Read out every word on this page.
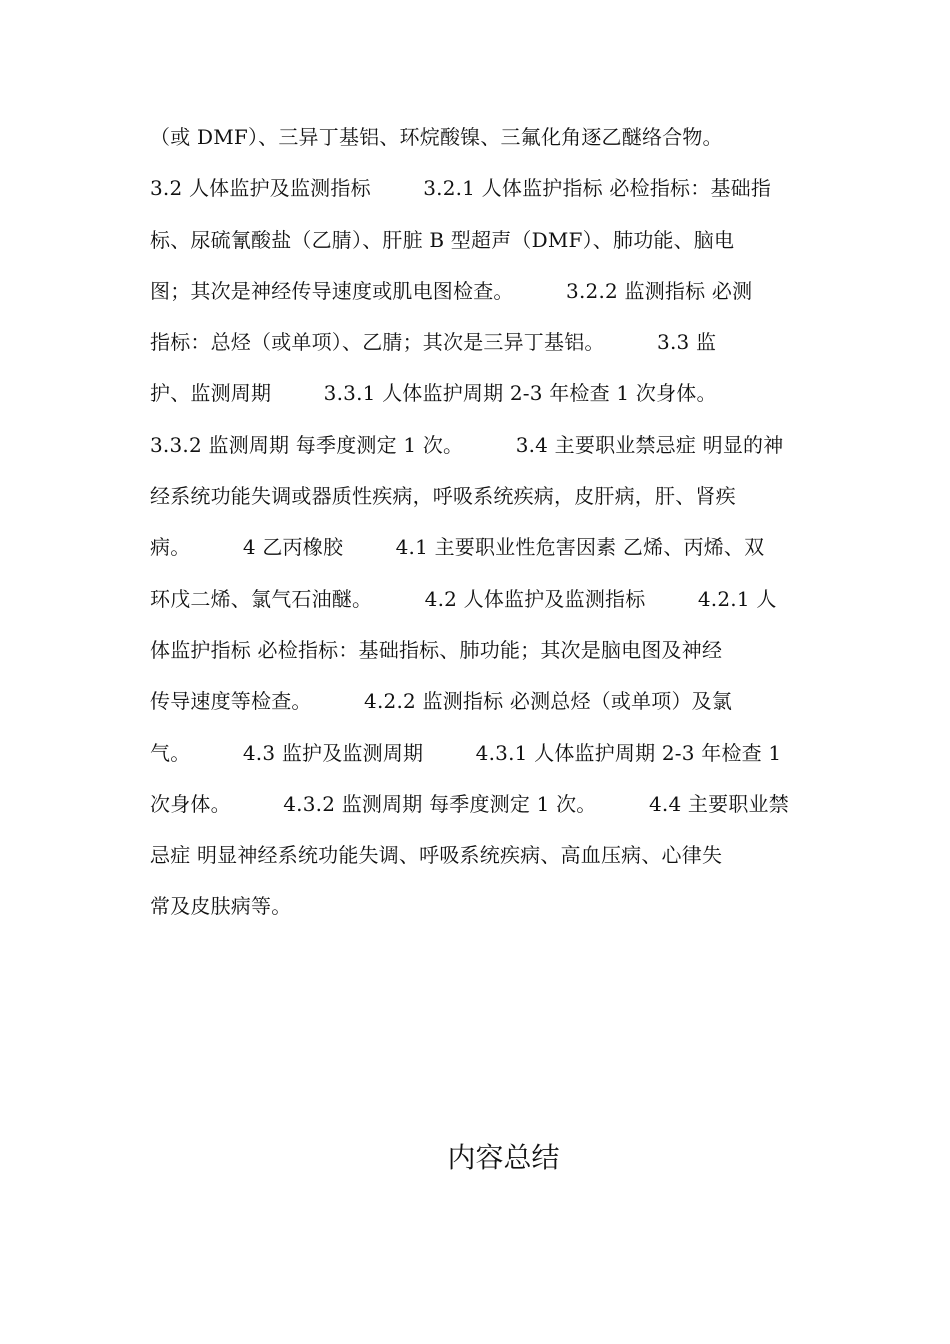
（或 DMF）、三异丁基铝、环烷酸镍、三氟化角逐乙醚络合物。
3.2 人体监护及监测指标        3.2.1 人体监护指标 必检指标：基础指
标、尿硫氰酸盐（乙腈）、肝脏 B 型超声（DMF）、肺功能、脑电
图；其次是神经传导速度或肌电图检查。        3.2.2 监测指标 必测
指标：总烃（或单项）、乙腈；其次是三异丁基铝。        3.3 监
护、监测周期        3.3.1 人体监护周期 2-3 年检查 1 次身体。
3.3.2 监测周期 每季度测定 1 次。        3.4 主要职业禁忌症 明显的神
经系统功能失调或器质性疾病，呼吸系统疾病，皮肝病，肝、肾疾
病。        4 乙丙橡胶        4.1 主要职业性危害因素 乙烯、丙烯、双
环戊二烯、氯气石油醚。        4.2 人体监护及监测指标        4.2.1 人
体监护指标 必检指标：基础指标、肺功能；其次是脑电图及神经
传导速度等检查。        4.2.2 监测指标 必测总烃（或单项）及氯
气。        4.3 监护及监测周期        4.3.1 人体监护周期 2-3 年检查 1
次身体。        4.3.2 监测周期 每季度测定 1 次。        4.4 主要职业禁
忌症 明显神经系统功能失调、呼吸系统疾病、高血压病、心律失
常及皮肤病等。
内容总结
